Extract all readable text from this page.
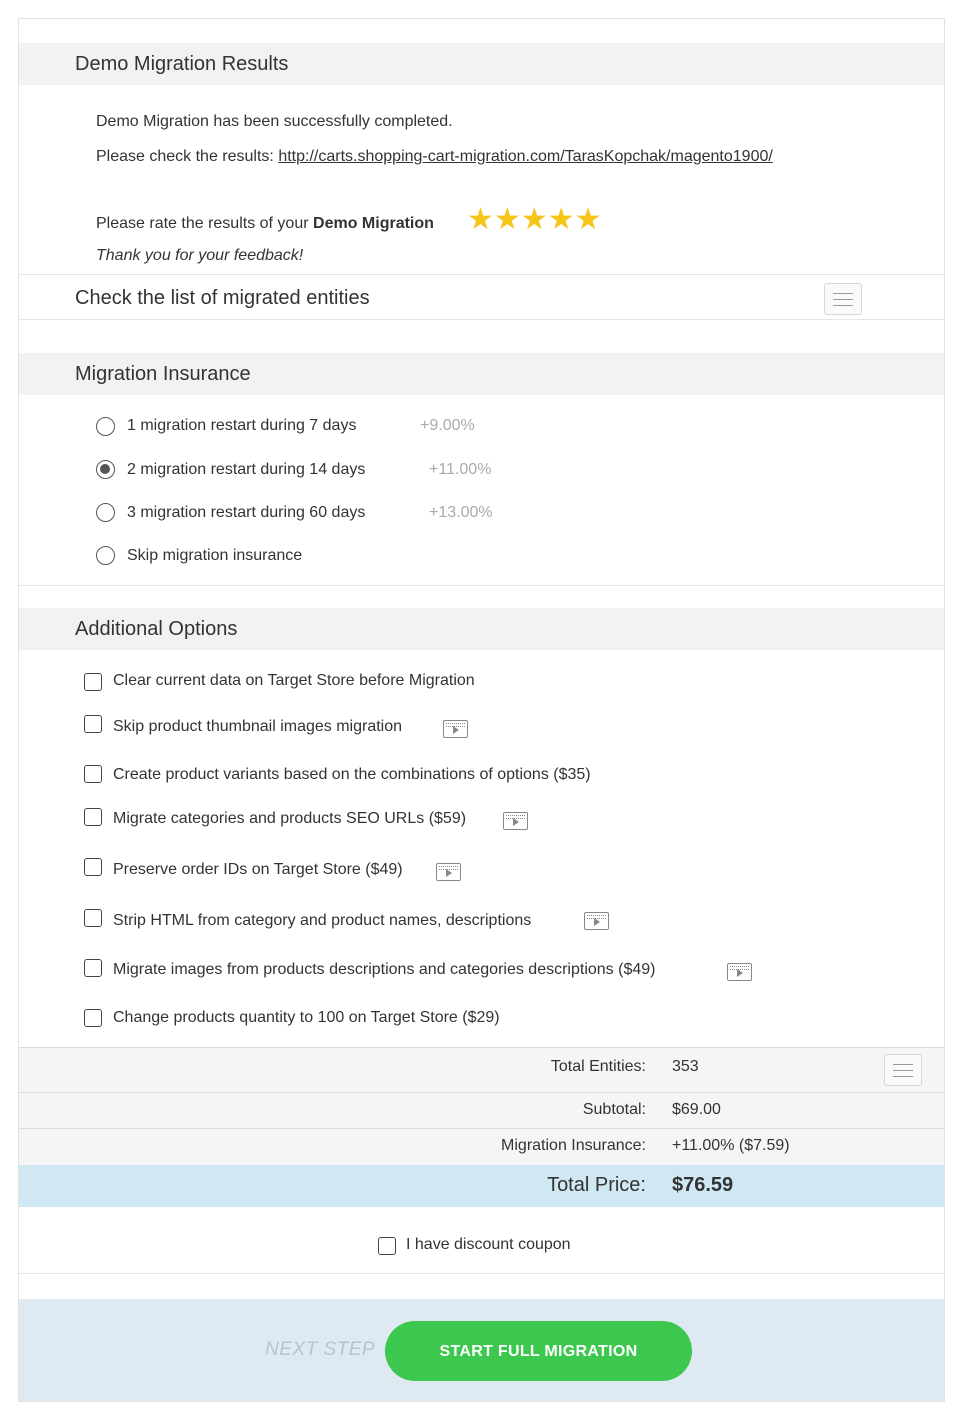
Demo Migration Results
Demo Migration has been successfully completed.
Please check the results: http://carts.shopping-cart-migration.com/TarasKopchak/magento1900/
Please rate the results of your Demo Migration ★★★★★
Thank you for your feedback!
Check the list of migrated entities
Migration Insurance
1 migration restart during 7 days	+9.00%
2 migration restart during 14 days	+11.00%
3 migration restart during 60 days	+13.00%
Skip migration insurance
Additional Options
Clear current data on Target Store before Migration
Skip product thumbnail images migration
Create product variants based on the combinations of options ($35)
Migrate categories and products SEO URLs ($59)
Preserve order IDs on Target Store ($49)
Strip HTML from category and product names, descriptions
Migrate images from products descriptions and categories descriptions ($49)
Change products quantity to 100 on Target Store ($29)
Total Entities: 353
Subtotal: $69.00
Migration Insurance: +11.00% ($7.59)
Total Price: $76.59
I have discount coupon
NEXT STEP	START FULL MIGRATION
